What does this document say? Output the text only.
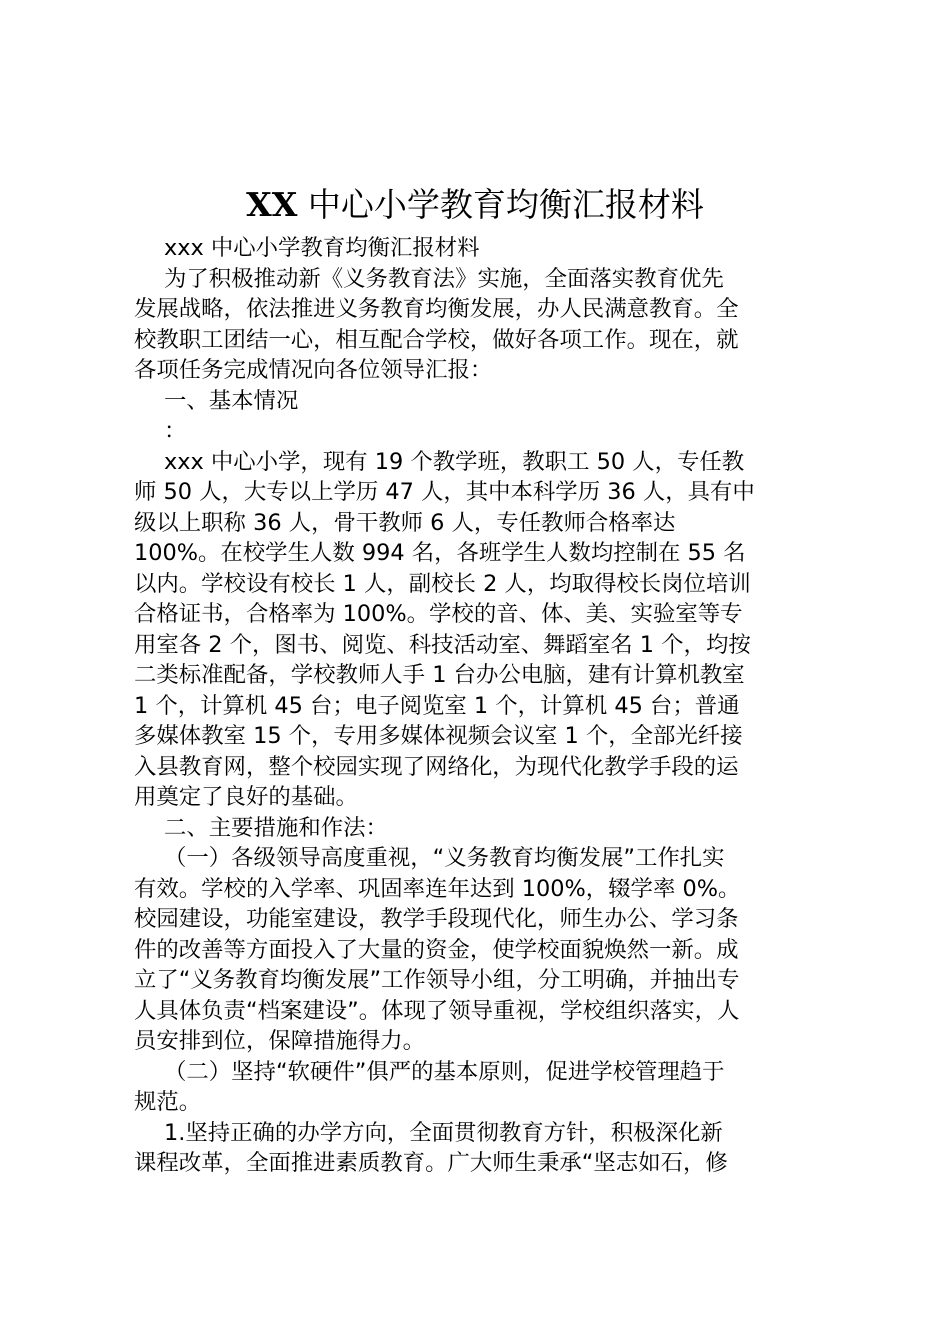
XX 中心小学教育均衡汇报材料
xxx 中心小学教育均衡汇报材料
为了积极推动新《义务教育法》实施，全面落实教育优先
发展战略，依法推进义务教育均衡发展，办人民满意教育。全
校教职工团结一心，相互配合学校，做好各项工作。现在，就
各项任务完成情况向各位领导汇报：
一、基本情况
：
xxx 中心小学，现有 19 个教学班，教职工 50 人，专任教
师 50 人，大专以上学历 47 人，其中本科学历 36 人，具有中
级以上职称 36 人，骨干教师 6 人，专任教师合格率达
100%。在校学生人数 994 名，各班学生人数均控制在 55 名
以内。学校设有校长 1 人，副校长 2 人，均取得校长岗位培训
合格证书，合格率为 100%。学校的音、体、美、实验室等专
用室各 2 个，图书、阅览、科技活动室、舞蹈室名 1 个，均按
二类标准配备，学校教师人手 1 台办公电脑，建有计算机教室
1 个，计算机 45 台；电子阅览室 1 个，计算机 45 台；普通
多媒体教室 15 个，专用多媒体视频会议室 1 个，全部光纤接
入县教育网，整个校园实现了网络化，为现代化教学手段的运
用奠定了良好的基础。
二、主要措施和作法：
（一）各级领导高度重视，“义务教育均衡发展”工作扎实
有效。学校的入学率、巩固率连年达到 100%，辍学率 0%。
校园建设，功能室建设，教学手段现代化，师生办公、学习条
件的改善等方面投入了大量的资金，使学校面貌焕然一新。成
立了“义务教育均衡发展”工作领导小组，分工明确，并抽出专
人具体负责“档案建设”。体现了领导重视，学校组织落实，人
员安排到位，保障措施得力。
（二）坚持“软硬件”俱严的基本原则，促进学校管理趋于
规范。
1.坚持正确的办学方向，全面贯彻教育方针，积极深化新
课程改革，全面推进素质教育。广大师生秉承“坚志如石，修
